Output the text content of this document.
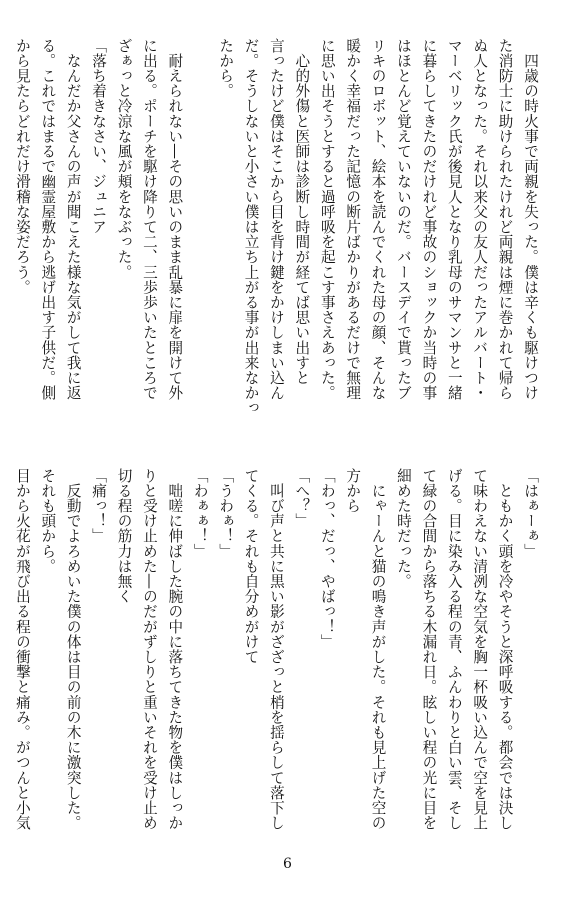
　四歳の時火事で両親を失った。僕は辛くも駆けつけ
た消防士に助けられたけれど両親は煙に巻かれて帰ら
ぬ人となった。それ以来父の友人だったアルバート・
マーベリック氏が後見人となり乳母のサマンサと一緒
に暮らしてきたのだけれど事故のショックか当時の事
はほとんど覚えていないのだ。バースデイで貰ったブ
リキのロボット、絵本を読んでくれた母の顔、そんな
暖かく幸福だった記憶の断片ばかりがあるだけで無理
に思い出そうとすると過呼吸を起こす事さえあった。
　心的外傷と医師は診断し時間が経てば思い出すと
言ったけど僕はそこから目を背け鍵をかけしまい込ん
だ。そうしないと小さい僕は立ち上がる事が出来なかっ
たから。

　耐えられない―その思いのまま乱暴に扉を開けて外
に出る。ポーチを駆け降りて二、三歩歩いたところで
ざぁっと冷涼な風が頬をなぶった。
「落ち着きなさい、ジュニア
　なんだか父さんの声が聞こえた様な気がして我に返
る。これではまるで幽霊屋敷から逃げ出す子供だ。側
から見たらどれだけ滑稽な姿だろう。
「はぁーぁ」
　ともかく頭を冷やそうと深呼吸する。都会では決し
て味わえない清冽な空気を胸一杯吸い込んで空を見上
げる。目に染み入る程の青、ふんわりと白い雲、そし
て緑の合間から落ちる木漏れ日。眩しい程の光に目を
細めた時だった。
　にゃーんと猫の鳴き声がした。それも見上げた空の
方から
「わっ、だっ、やばっ！」
「へ？」
　叫び声と共に黒い影がざざっと梢を揺らして落下し
てくる。それも自分めがけて
「うわぁ！」
「わぁぁ！」
　咄嗟に伸ばした腕の中に落ちてきた物を僕はしっか
りと受け止めた―のだがずしりと重いそれを受け止め
切る程の筋力は無く
「痛っ！」
　反動でよろめいた僕の体は目の前の木に激突した。
それも頭から。
目から火花が飛び出る程の衝撃と痛み。がつんと小気
6
